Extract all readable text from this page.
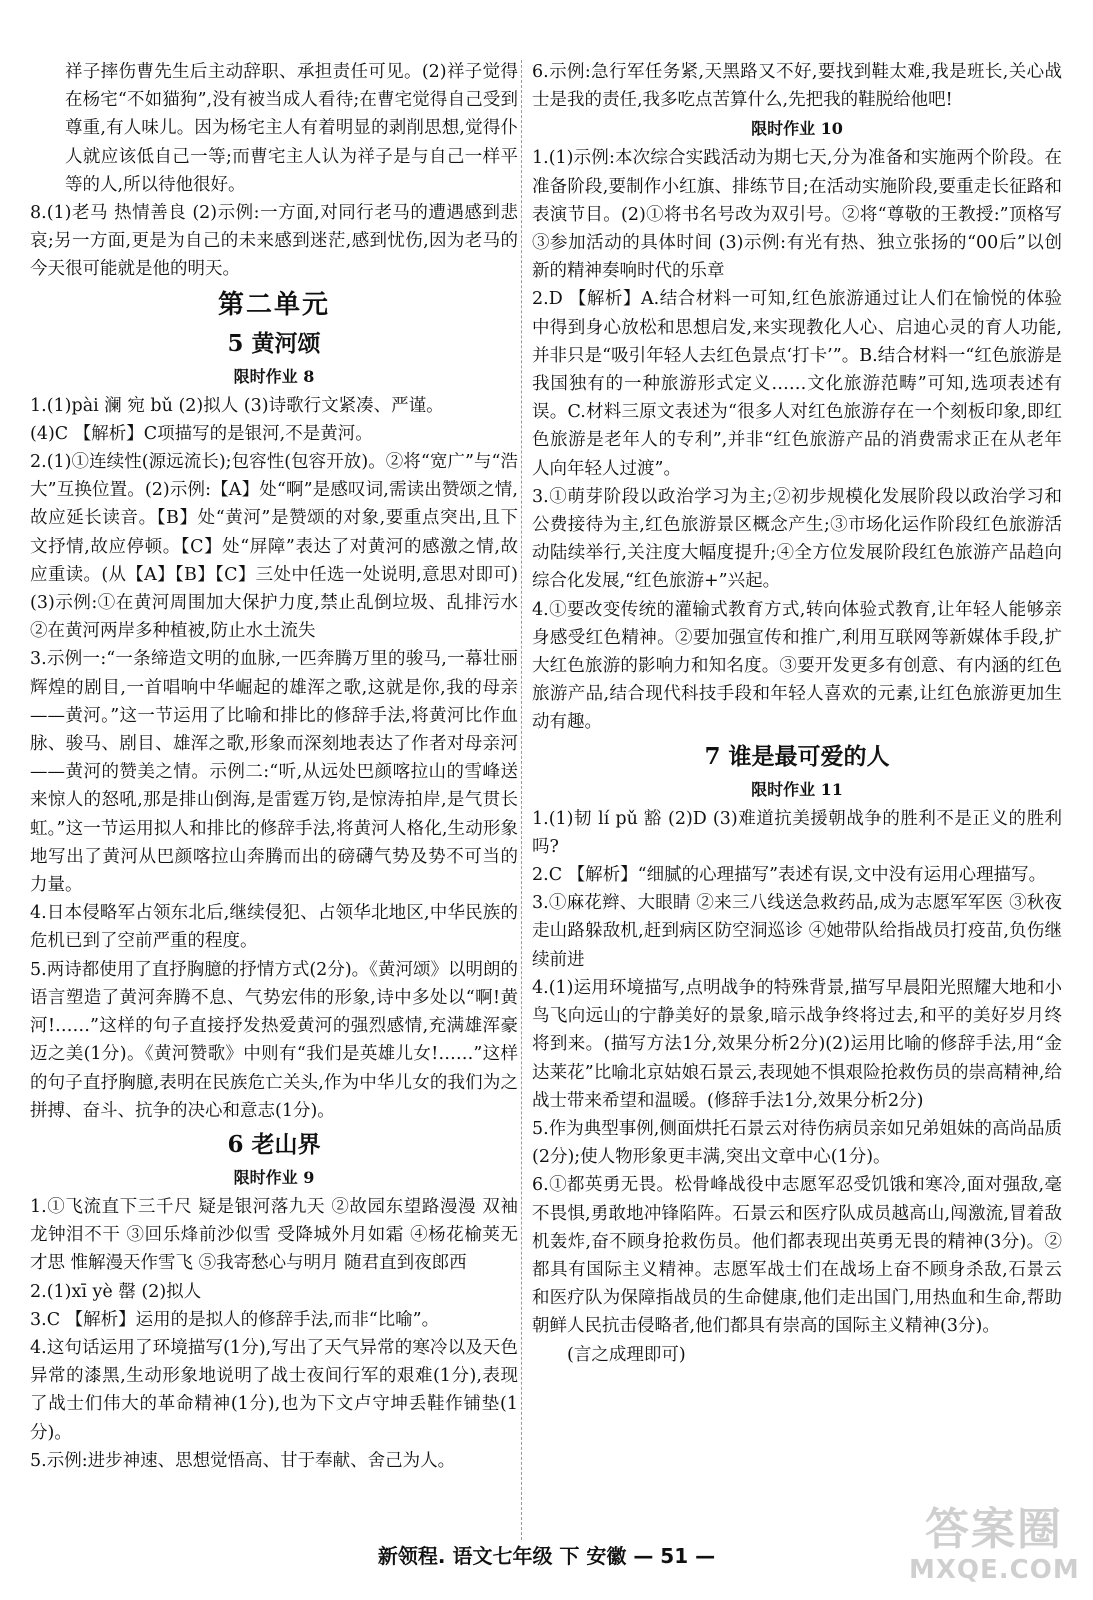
祥子摔伤曹先生后主动辞职、承担责任可见。(2)祥子觉得在杨宅“不如猫狗”,没有被当成人看待;在曹宅觉得自己受到尊重,有人味儿。因为杨宅主人有着明显的剥削思想,觉得仆人就应该低自己一等;而曹宅主人认为祥子是与自己一样平等的人,所以待他很好。

8.(1)老马 热情善良 (2)示例:一方面,对同行老马的遭遇感到悲哀;另一方面,更是为自己的未来感到迷茫,感到忧伤,因为老马的今天很可能就是他的明天。

第二单元

5 黄河颂

限时作业 8

1.(1)pài 澜 宛 bǔ (2)拟人 (3)诗歌行文紧凑、严谨。

(4)C 【解析】C项描写的是银河,不是黄河。

2.(1)①连续性(源远流长);包容性(包容开放)。②将“宽广”与“浩大”互换位置。(2)示例:【A】处“啊”是感叹词,需读出赞颂之情,故应延长读音。【B】处“黄河”是赞颂的对象,要重点突出,且下文抒情,故应停顿。【C】处“屏障”表达了对黄河的感激之情,故应重读。(从【A】【B】【C】三处中任选一处说明,意思对即可) (3)示例:①在黄河周围加大保护力度,禁止乱倒垃圾、乱排污水 ②在黄河两岸多种植被,防止水土流失

3.示例一:“一条缔造文明的血脉,一匹奔腾万里的骏马,一幕壮丽辉煌的剧目,一首唱响中华崛起的雄浑之歌,这就是你,我的母亲——黄河。”这一节运用了比喻和排比的修辞手法,将黄河比作血脉、骏马、剧目、雄浑之歌,形象而深刻地表达了作者对母亲河——黄河的赞美之情。示例二:“听,从远处巴颜喀拉山的雪峰送来惊人的怒吼,那是排山倒海,是雷霆万钧,是惊涛拍岸,是气贯长虹。”这一节运用拟人和排比的修辞手法,将黄河人格化,生动形象地写出了黄河从巴颜喀拉山奔腾而出的磅礴气势及势不可当的力量。

4.日本侵略军占领东北后,继续侵犯、占领华北地区,中华民族的危机已到了空前严重的程度。

5.两诗都使用了直抒胸臆的抒情方式(2分)。《黄河颂》以明朗的语言塑造了黄河奔腾不息、气势宏伟的形象,诗中多处以“啊!黄河!……”这样的句子直接抒发热爱黄河的强烈感情,充满雄浑豪迈之美(1分)。《黄河赞歌》中则有“我们是英雄儿女!……”这样的句子直抒胸臆,表明在民族危亡关头,作为中华儿女的我们为之拼搏、奋斗、抗争的决心和意志(1分)。

6 老山界

限时作业 9

1.①飞流直下三千尺 疑是银河落九天 ②故园东望路漫漫 双袖龙钟泪不干 ③回乐烽前沙似雪 受降城外月如霜 ④杨花榆荚无才思 惟解漫天作雪飞 ⑤我寄愁心与明月 随君直到夜郎西

2.(1)xī yè 罄 (2)拟人

3.C 【解析】运用的是拟人的修辞手法,而非“比喻”。

4.这句话运用了环境描写(1分),写出了天气异常的寒冷以及天色异常的漆黑,生动形象地说明了战士夜间行军的艰难(1分),表现了战士们伟大的革命精神(1分),也为下文卢守坤丢鞋作铺垫(1分)。

5.示例:进步神速、思想觉悟高、甘于奉献、舍己为人。

6.示例:急行军任务紧,天黑路又不好,要找到鞋太难,我是班长,关心战士是我的责任,我多吃点苦算什么,先把我的鞋脱给他吧!

限时作业 10

1.(1)示例:本次综合实践活动为期七天,分为准备和实施两个阶段。在准备阶段,要制作小红旗、排练节目;在活动实施阶段,要重走长征路和表演节目。(2)①将书名号改为双引号。②将“尊敬的王教授:”顶格写 ③参加活动的具体时间 (3)示例:有光有热、独立张扬的“00后”以创新的精神奏响时代的乐章

2.D 【解析】A.结合材料一可知,红色旅游通过让人们在愉悦的体验中得到身心放松和思想启发,来实现教化人心、启迪心灵的育人功能,并非只是“吸引年轻人去红色景点‘打卡’”。B.结合材料一“红色旅游是我国独有的一种旅游形式定义……文化旅游范畴”可知,选项表述有误。C.材料三原文表述为“很多人对红色旅游存在一个刻板印象,即红色旅游是老年人的专利”,并非“红色旅游产品的消费需求正在从老年人向年轻人过渡”。

3.①萌芽阶段以政治学习为主;②初步规模化发展阶段以政治学习和公费接待为主,红色旅游景区概念产生;③市场化运作阶段红色旅游活动陆续举行,关注度大幅度提升;④全方位发展阶段红色旅游产品趋向综合化发展,“红色旅游+”兴起。

4.①要改变传统的灌输式教育方式,转向体验式教育,让年轻人能够亲身感受红色精神。②要加强宣传和推广,利用互联网等新媒体手段,扩大红色旅游的影响力和知名度。③要开发更多有创意、有内涵的红色旅游产品,结合现代科技手段和年轻人喜欢的元素,让红色旅游更加生动有趣。

7 谁是最可爱的人

限时作业 11

1.(1)韧 lí pǔ 豁 (2)D (3)难道抗美援朝战争的胜利不是正义的胜利吗?

2.C 【解析】“细腻的心理描写”表述有误,文中没有运用心理描写。

3.①麻花辫、大眼睛 ②来三八线送急救药品,成为志愿军军医 ③秋夜走山路躲敌机,赶到病区防空洞巡诊 ④她带队给指战员打疫苗,负伤继续前进

4.(1)运用环境描写,点明战争的特殊背景,描写早晨阳光照耀大地和小鸟飞向远山的宁静美好的景象,暗示战争终将过去,和平的美好岁月终将到来。(描写方法1分,效果分析2分)(2)运用比喻的修辞手法,用“金达莱花”比喻北京姑娘石景云,表现她不惧艰险抢救伤员的崇高精神,给战士带来希望和温暖。(修辞手法1分,效果分析2分)

5.作为典型事例,侧面烘托石景云对待伤病员亲如兄弟姐妹的高尚品质(2分);使人物形象更丰满,突出文章中心(1分)。

6.①都英勇无畏。松骨峰战役中志愿军忍受饥饿和寒冷,面对强敌,毫不畏惧,勇敢地冲锋陷阵。石景云和医疗队成员越高山,闯激流,冒着敌机轰炸,奋不顾身抢救伤员。他们都表现出英勇无畏的精神(3分)。②都具有国际主义精神。志愿军战士们在战场上奋不顾身杀敌,石景云和医疗队为保障指战员的生命健康,他们走出国门,用热血和生命,帮助朝鲜人民抗击侵略者,他们都具有崇高的国际主义精神(3分)。

(言之成理即可)

新领程. 语文七年级 下 安徽 — 51 —
答案圈
MXQE.COM
